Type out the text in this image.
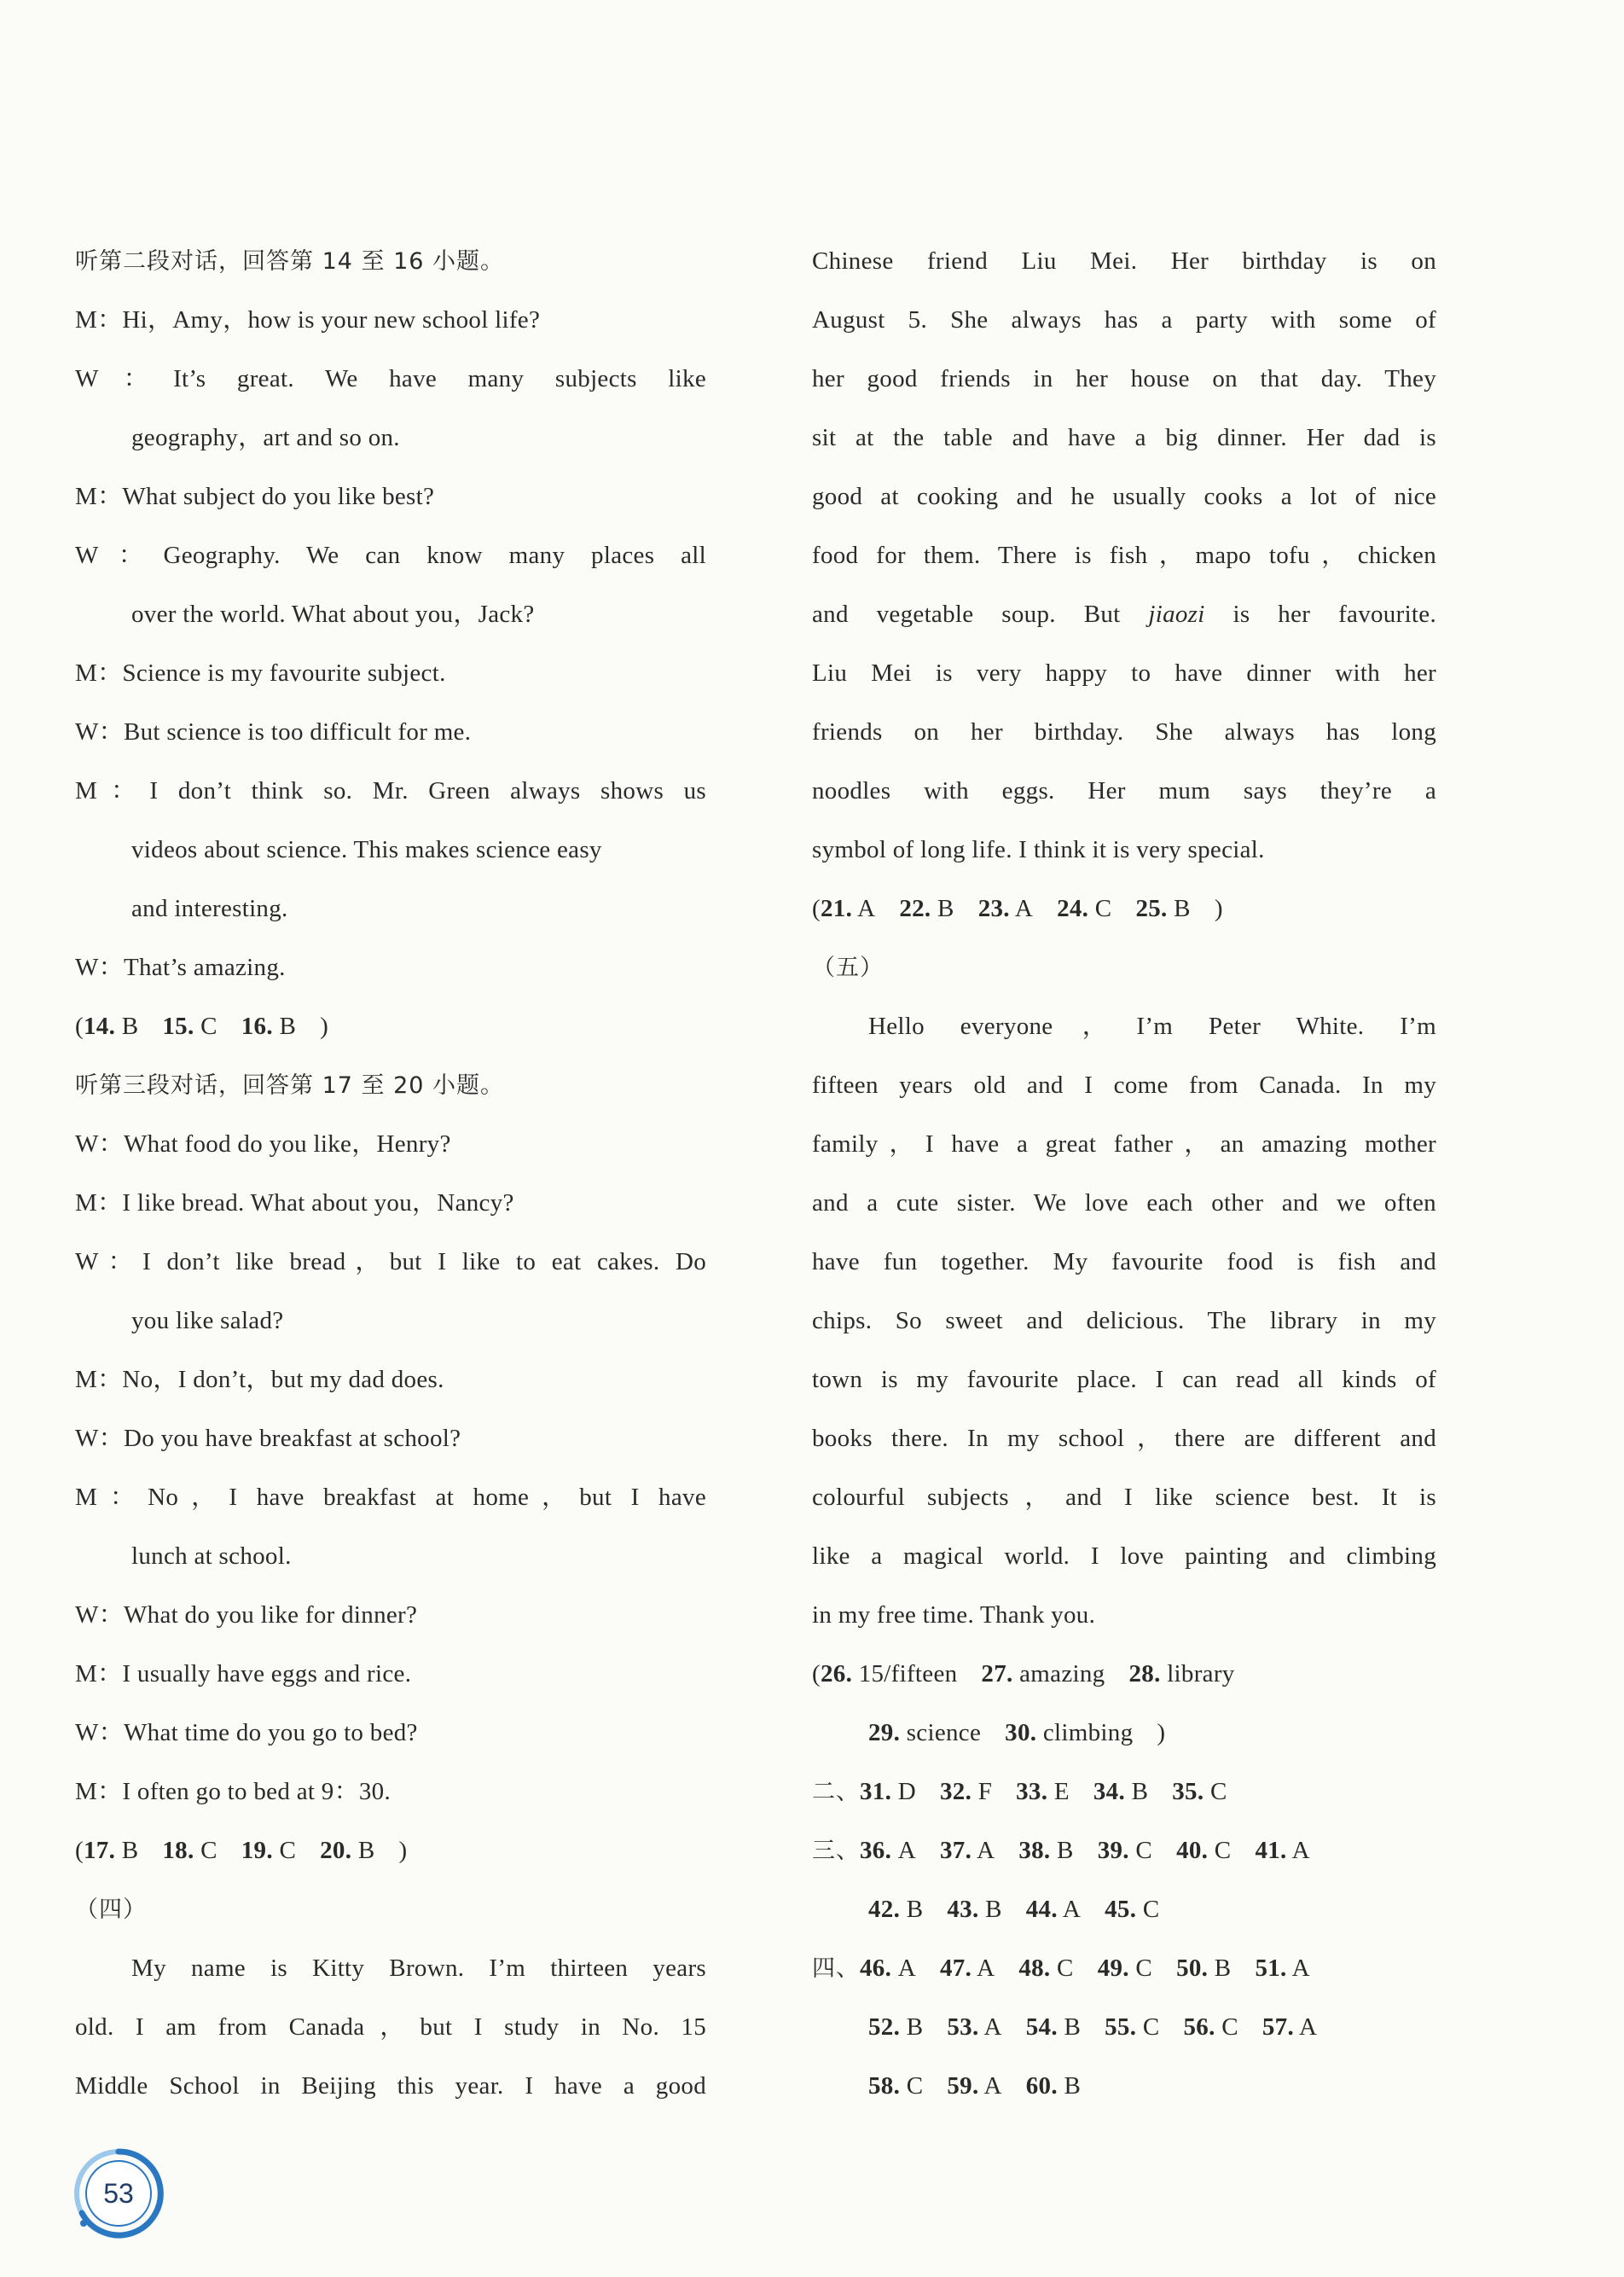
听第二段对话，回答第 14 至 16 小题。
M：Hi，Amy，how is your new school life?
W：It’s great. We have many subjects like
geography，art and so on.
M：What subject do you like best?
W：Geography. We can know many places all
over the world. What about you，Jack?
M：Science is my favourite subject.
W：But science is too difficult for me.
M：I don’t think so. Mr. Green always shows us
videos about science. This makes science easy
and interesting.
W：That’s amazing.
(14. B 15. C 16. B )
听第三段对话，回答第 17 至 20 小题。
W：What food do you like，Henry?
M：I like bread. What about you，Nancy?
W：I don’t like bread，but I like to eat cakes. Do
you like salad?
M：No，I don’t，but my dad does.
W：Do you have breakfast at school?
M：No，I have breakfast at home，but I have
lunch at school.
W：What do you like for dinner?
M：I usually have eggs and rice.
W：What time do you go to bed?
M：I often go to bed at 9：30.
(17. B 18. C 19. C 20. B )
（四）
My name is Kitty Brown. I’m thirteen years
old. I am from Canada，but I study in No. 15
Middle School in Beijing this year. I have a good
Chinese friend Liu Mei. Her birthday is on
August 5. She always has a party with some of
her good friends in her house on that day. They
sit at the table and have a big dinner. Her dad is
good at cooking and he usually cooks a lot of nice
food for them. There is fish，mapo tofu，chicken
and vegetable soup. But jiaozi is her favourite.
Liu Mei is very happy to have dinner with her
friends on her birthday. She always has long
noodles with eggs. Her mum says they’re a
symbol of long life. I think it is very special.
(21. A 22. B 23. A 24. C 25. B )
（五）
Hello everyone，I’m Peter White. I’m
fifteen years old and I come from Canada. In my
family，I have a great father，an amazing mother
and a cute sister. We love each other and we often
have fun together. My favourite food is fish and
chips. So sweet and delicious. The library in my
town is my favourite place. I can read all kinds of
books there. In my school，there are different and
colourful subjects，and I like science best. It is
like a magical world. I love painting and climbing
in my free time. Thank you.
(26. 15/fifteen 27. amazing 28. library
29. science 30. climbing )
二、31. D 32. F 33. E 34. B 35. C
三、36. A 37. A 38. B 39. C 40. C 41. A
42. B 43. B 44. A 45. C
四、46. A 47. A 48. C 49. C 50. B 51. A
52. B 53. A 54. B 55. C 56. C 57. A
58. C 59. A 60. B
53
